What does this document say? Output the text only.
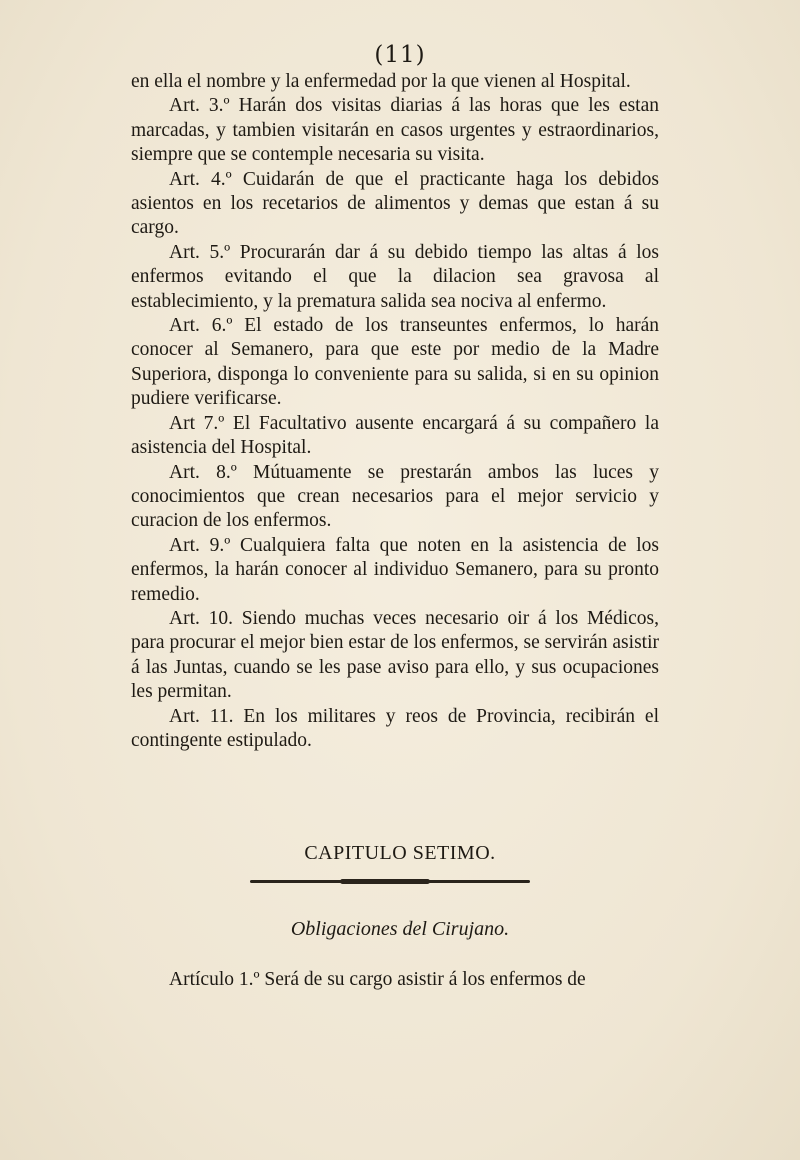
(11)

en ella el nombre y la enfermedad por la que vienen al Hospital.

Art. 3.º Harán dos visitas diarias á las horas que les estan marcadas, y tambien visitarán en casos urgentes y estraordinarios, siempre que se contemple necesaria su visita.

Art. 4.º Cuidarán de que el practicante haga los debidos asientos en los recetarios de alimentos y demas que estan á su cargo.

Art. 5.º Procurarán dar á su debido tiempo las altas á los enfermos evitando el que la dilacion sea gravosa al establecimiento, y la prematura salida sea nociva al enfermo.

Art. 6.º El estado de los transeuntes enfermos, lo harán conocer al Semanero, para que este por medio de la Madre Superiora, disponga lo conveniente para su salida, si en su opinion pudiere verificarse.

Art 7.º El Facultativo ausente encargará á su compañero la asistencia del Hospital.

Art. 8.º Mútuamente se prestarán ambos las luces y conocimientos que crean necesarios para el mejor servicio y curacion de los enfermos.

Art. 9.º Cualquiera falta que noten en la asistencia de los enfermos, la harán conocer al individuo Semanero, para su pronto remedio.

Art. 10. Siendo muchas veces necesario oir á los Médicos, para procurar el mejor bien estar de los enfermos, se servirán asistir á las Juntas, cuando se les pase aviso para ello, y sus ocupaciones les permitan.

Art. 11. En los militares y reos de Provincia, recibirán el contingente estipulado.

CAPITULO SETIMO.
Obligaciones del Cirujano.
Artículo 1.º Será de su cargo asistir á los enfermos de
